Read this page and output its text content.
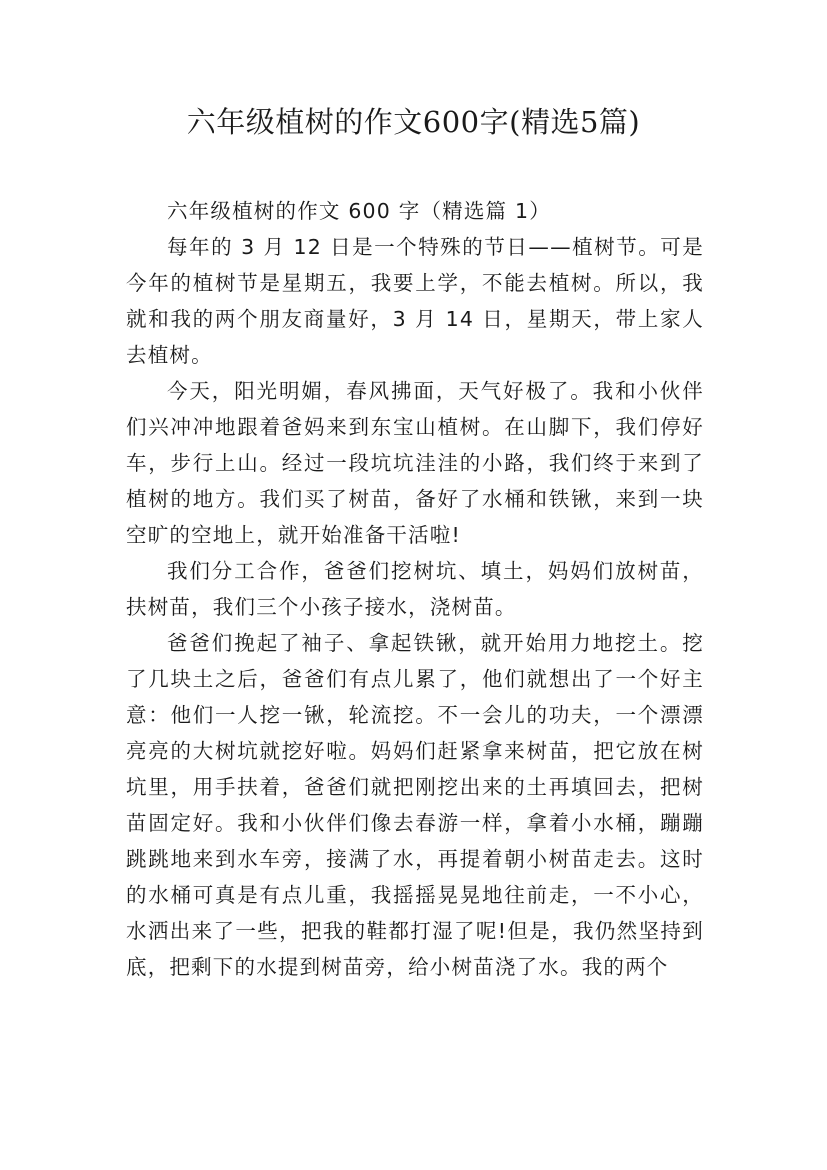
六年级植树的作文600字(精选5篇)

六年级植树的作文 600 字（精选篇 1）

每年的 3 月 12 日是一个特殊的节日——植树节。可是今年的植树节是星期五，我要上学，不能去植树。所以，我就和我的两个朋友商量好，3 月 14 日，星期天，带上家人去植树。

今天，阳光明媚，春风拂面，天气好极了。我和小伙伴们兴冲冲地跟着爸妈来到东宝山植树。在山脚下，我们停好车，步行上山。经过一段坑坑洼洼的小路，我们终于来到了植树的地方。我们买了树苗，备好了水桶和铁锹，来到一块空旷的空地上，就开始准备干活啦!

我们分工合作，爸爸们挖树坑、填土，妈妈们放树苗，扶树苗，我们三个小孩子接水，浇树苗。

爸爸们挽起了袖子、拿起铁锹，就开始用力地挖土。挖了几块土之后，爸爸们有点儿累了，他们就想出了一个好主意：他们一人挖一锹，轮流挖。不一会儿的功夫，一个漂漂亮亮的大树坑就挖好啦。妈妈们赶紧拿来树苗，把它放在树坑里，用手扶着，爸爸们就把刚挖出来的土再填回去，把树苗固定好。我和小伙伴们像去春游一样，拿着小水桶，蹦蹦跳跳地来到水车旁，接满了水，再提着朝小树苗走去。这时的水桶可真是有点儿重，我摇摇晃晃地往前走，一不小心，水洒出来了一些，把我的鞋都打湿了呢!但是，我仍然坚持到底，把剩下的水提到树苗旁，给小树苗浇了水。我的两个
